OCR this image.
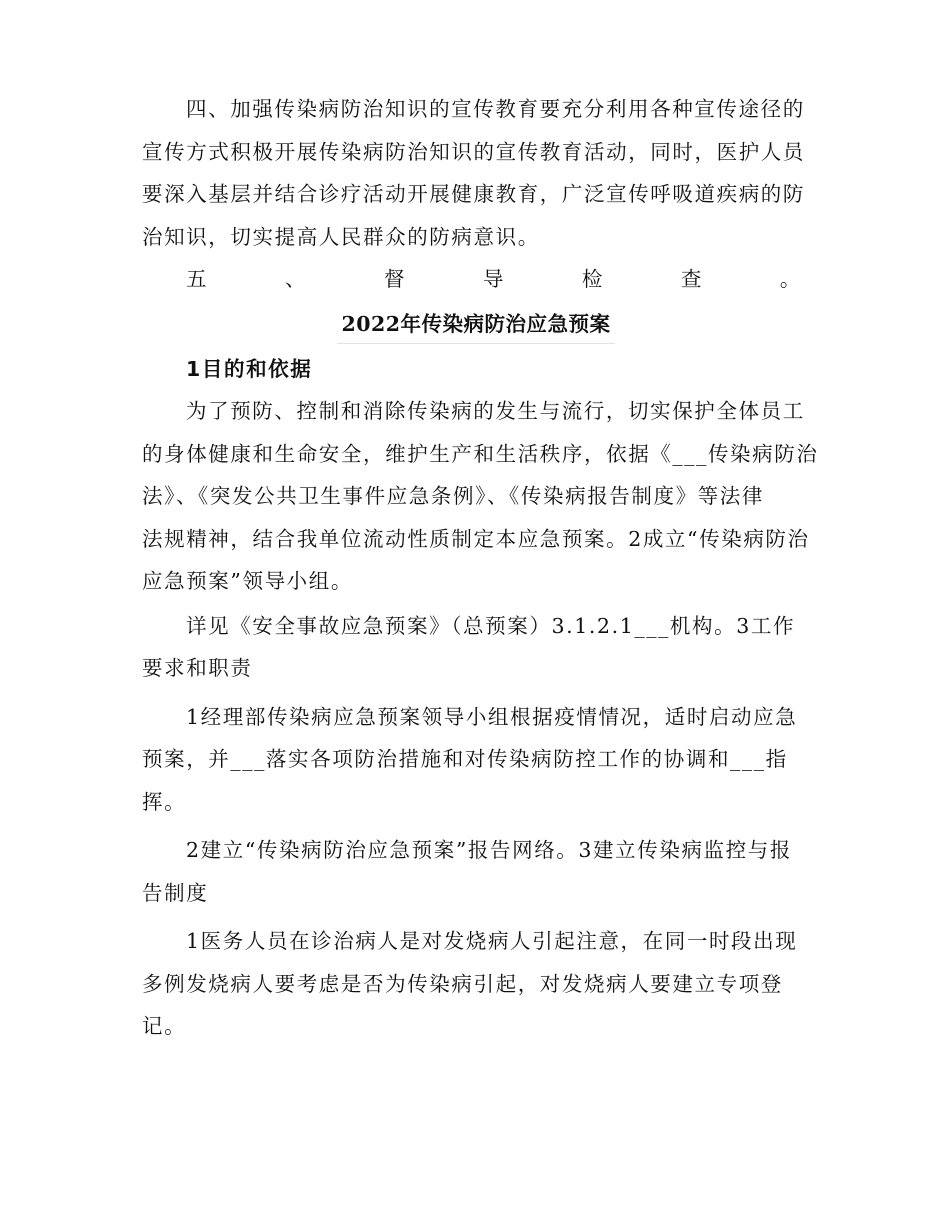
四、加强传染病防治知识的宣传教育要充分利用各种宣传途径的
宣传方式积极开展传染病防治知识的宣传教育活动，同时，医护人员
要深入基层并结合诊疗活动开展健康教育，广泛宣传呼吸道疾病的防
治知识，切实提高人民群众的防病意识。
五	、	督	导	检	查	。
2022年传染病防治应急预案
1目的和依据
为了预防、控制和消除传染病的发生与流行，切实保护全体员工
的身体健康和生命安全，维护生产和生活秩序，依据《___传染病防治
法》、《突发公共卫生事件应急条例》、《传染病报告制度》等法律
法规精神，结合我单位流动性质制定本应急预案。2成立“传染病防治
应急预案”领导小组。
详见《安全事故应急预案》（总预案）3.1.2.1___机构。3工作
要求和职责
1经理部传染病应急预案领导小组根据疫情情况，适时启动应急
预案，并___落实各项防治措施和对传染病防控工作的协调和___指
挥。
2建立“传染病防治应急预案”报告网络。3建立传染病监控与报
告制度
1医务人员在诊治病人是对发烧病人引起注意，在同一时段出现
多例发烧病人要考虑是否为传染病引起，对发烧病人要建立专项登
记。
